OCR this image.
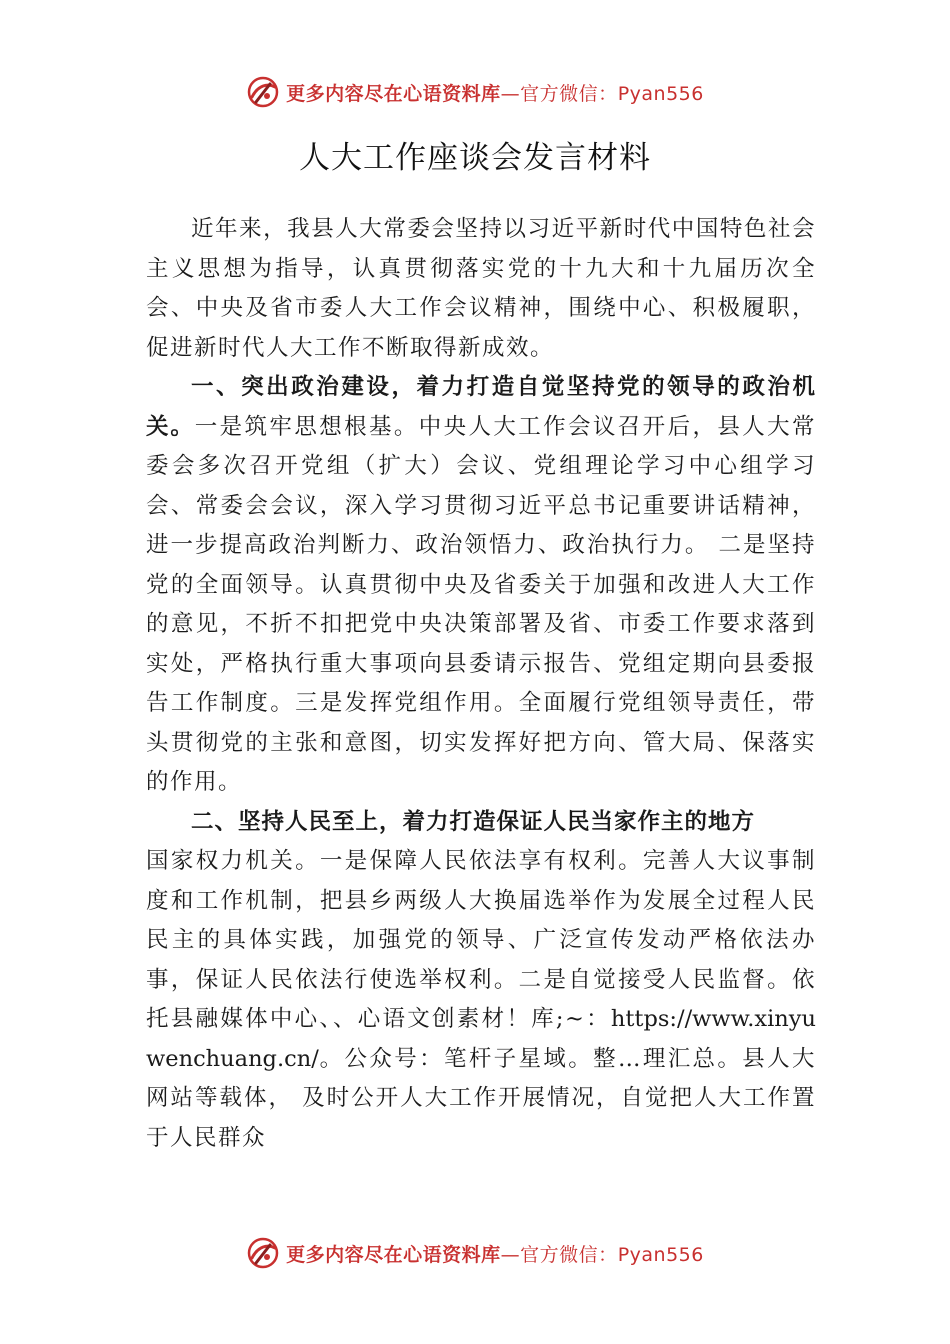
更多内容尽在心语资料库—官方微信：Pyan556
人大工作座谈会发言材料

近年来，我县人大常委会坚持以习近平新时代中国特色社会主义思想为指导，认真贯彻落实党的十九大和十九届历次全会、中央及省市委人大工作会议精神，围绕中心、积极履职，促进新时代人大工作不断取得新成效。

一、突出政治建设，着力打造自觉坚持党的领导的政治机关。一是筑牢思想根基。中央人大工作会议召开后，县人大常委会多次召开党组（扩大）会议、党组理论学习中心组学习会、常委会会议，深入学习贯彻习近平总书记重要讲话精神，进一步提高政治判断力、政治领悟力、政治执行力。 二是坚持党的全面领导。认真贯彻中央及省委关于加强和改进人大工作的意见，不折不扣把党中央决策部署及省、市委工作要求落到实处，严格执行重大事项向县委请示报告、党组定期向县委报告工作制度。三是发挥党组作用。全面履行党组领导责任，带头贯彻党的主张和意图，切实发挥好把方向、管大局、保落实的作用。

二、坚持人民至上，着力打造保证人民当家作主的地方

国家权力机关。一是保障人民依法享有权利。完善人大议事制度和工作机制，把县乡两级人大换届选举作为发展全过程人民民主的具体实践，加强党的领导、广泛宣传发动严格依法办事，保证人民依法行使选举权利。二是自觉接受人民监督。依托县融媒体中心、、心语文创素材！库;~：https://www.xinyuwenchuang.cn/。公众号：笔杆子星域。整…理汇总。县人大网站等载体， 及时公开人大工作开展情况，自觉把人大工作置于人民群众

更多内容尽在心语资料库—官方微信：Pyan556
